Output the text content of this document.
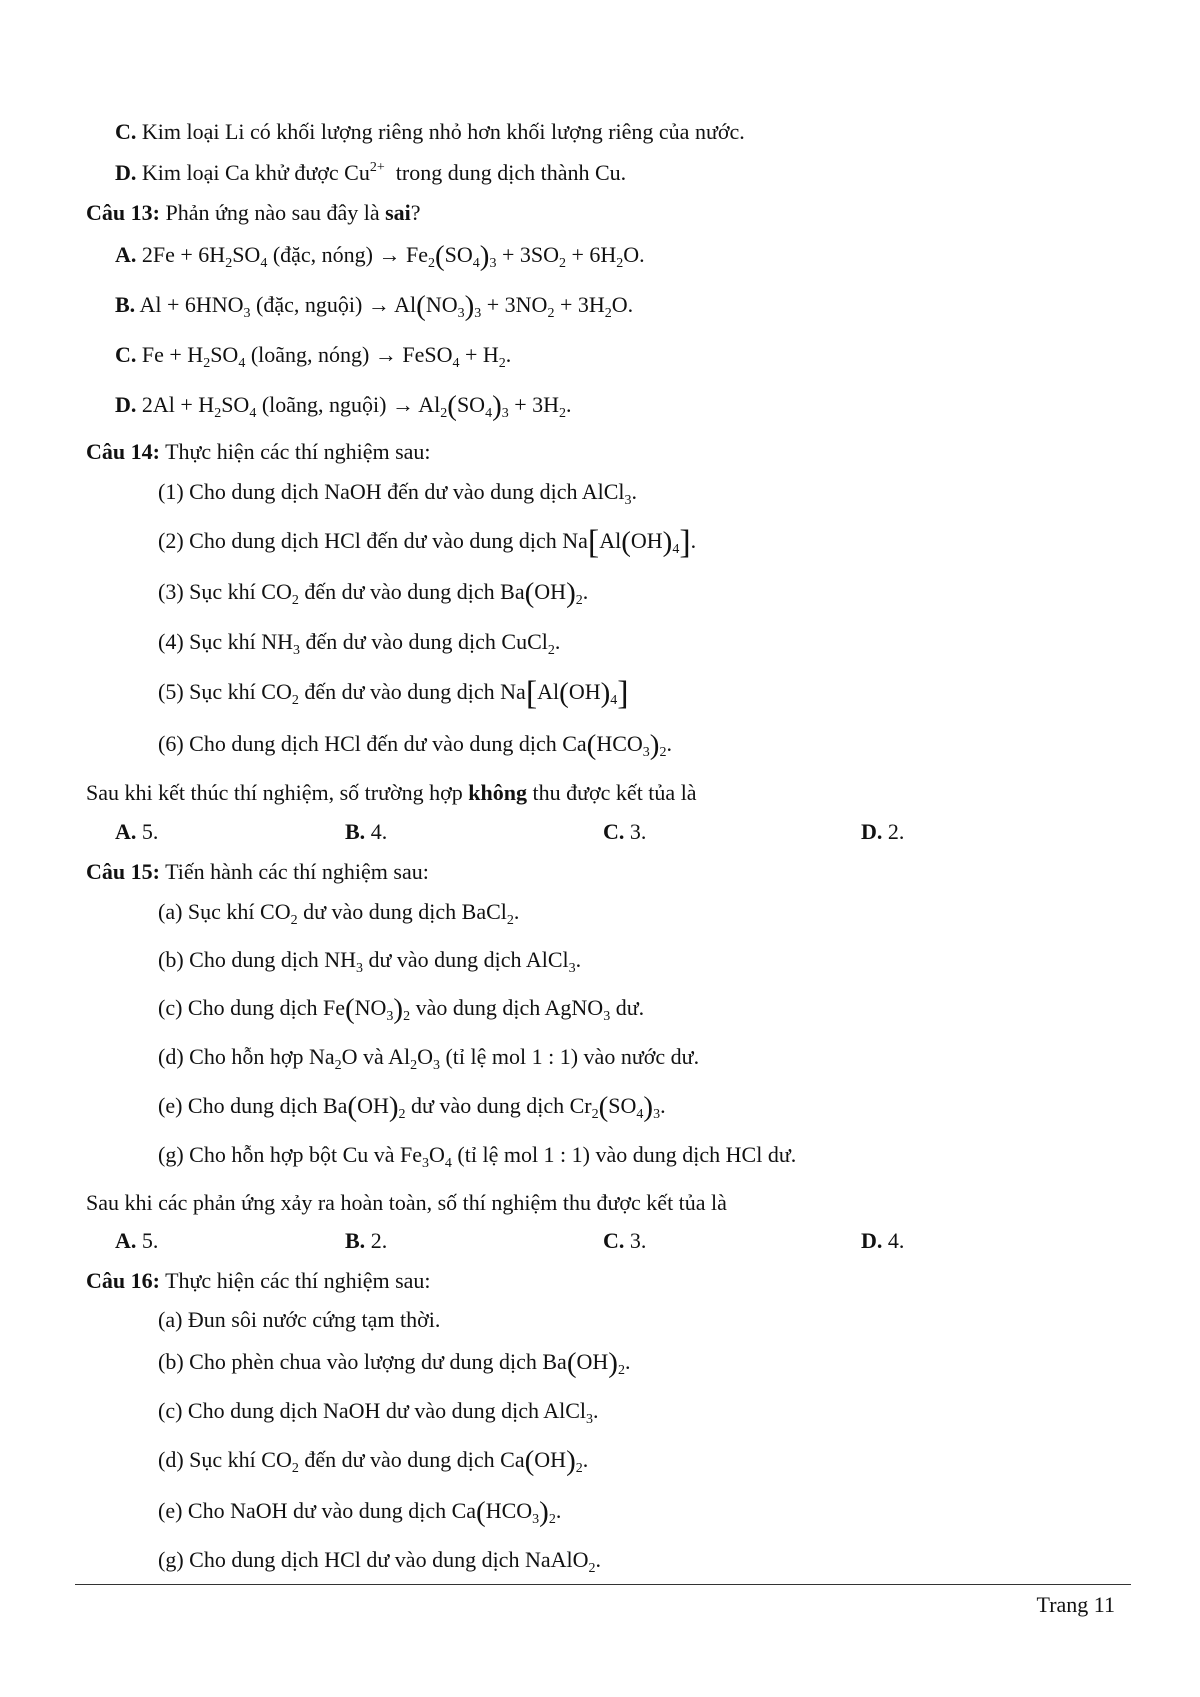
C. Kim loại Li có khối lượng riêng nhỏ hơn khối lượng riêng của nước.
D. Kim loại Ca khử được $Cu^{2+}$ trong dung dịch thành Cu.
Câu 13: Phản ứng nào sau đây là sai?
A. $2Fe + 6H_2SO_4$ (đặc, nóng) → $Fe_2(SO_4)_3 + 3SO_2 + 6H_2O$.
B. $Al + 6HNO_3$ (đặc, nguội) → $Al(NO_3)_3 + 3NO_2 + 3H_2O$.
C. $Fe + H_2SO_4$ (loãng, nóng) → FeSO$_4$ + $H_2$.
D. $2Al + H_2SO_4$ (loãng, nguội) → $Al_2(SO_4)_3 + 3H_2$.
Câu 14: Thực hiện các thí nghiệm sau:
(1) Cho dung dịch NaOH đến dư vào dung dịch AlCl$_3$.
(2) Cho dung dịch HCl đến dư vào dung dịch $Na[Al(OH)_4]$.
(3) Sục khí $CO_2$ đến dư vào dung dịch $Ba(OH)_2$.
(4) Sục khí $NH_3$ đến dư vào dung dịch CuCl$_2$.
(5) Sục khí $CO_2$ đến dư vào dung dịch $Na[Al(OH)_4]$
(6) Cho dung dịch HCl đến dư vào dung dịch $Ca(HCO_3)_2$.
Sau khi kết thúc thí nghiệm, số trường hợp không thu được kết tủa là
A. 5.	B. 4.	C. 3.	D. 2.
Câu 15: Tiến hành các thí nghiệm sau:
(a) Sục khí $CO_2$ dư vào dung dịch BaCl$_2$.
(b) Cho dung dịch $NH_3$ dư vào dung dịch AlCl$_3$.
(c) Cho dung dịch $Fe(NO_3)_2$ vào dung dịch AgNO$_3$ dư.
(d) Cho hỗn hợp $Na_2O$ và $Al_2O_3$ (tỉ lệ mol 1 : 1) vào nước dư.
(e) Cho dung dịch $Ba(OH)_2$ dư vào dung dịch $Cr_2(SO_4)_3$.
(g) Cho hỗn hợp bột Cu và $Fe_3O_4$ (tỉ lệ mol 1 : 1) vào dung dịch HCl dư.
Sau khi các phản ứng xảy ra hoàn toàn, số thí nghiệm thu được kết tủa là
A. 5.	B. 2.	C. 3.	D. 4.
Câu 16: Thực hiện các thí nghiệm sau:
(a) Đun sôi nước cứng tạm thời.
(b) Cho phèn chua vào lượng dư dung dịch $Ba(OH)_2$.
(c) Cho dung dịch NaOH dư vào dung dịch AlCl$_3$.
(d) Sục khí $CO_2$ đến dư vào dung dịch $Ca(OH)_2$.
(e) Cho NaOH dư vào dung dịch $Ca(HCO_3)_2$.
(g) Cho dung dịch HCl dư vào dung dịch NaAlO$_2$.
Trang 11
